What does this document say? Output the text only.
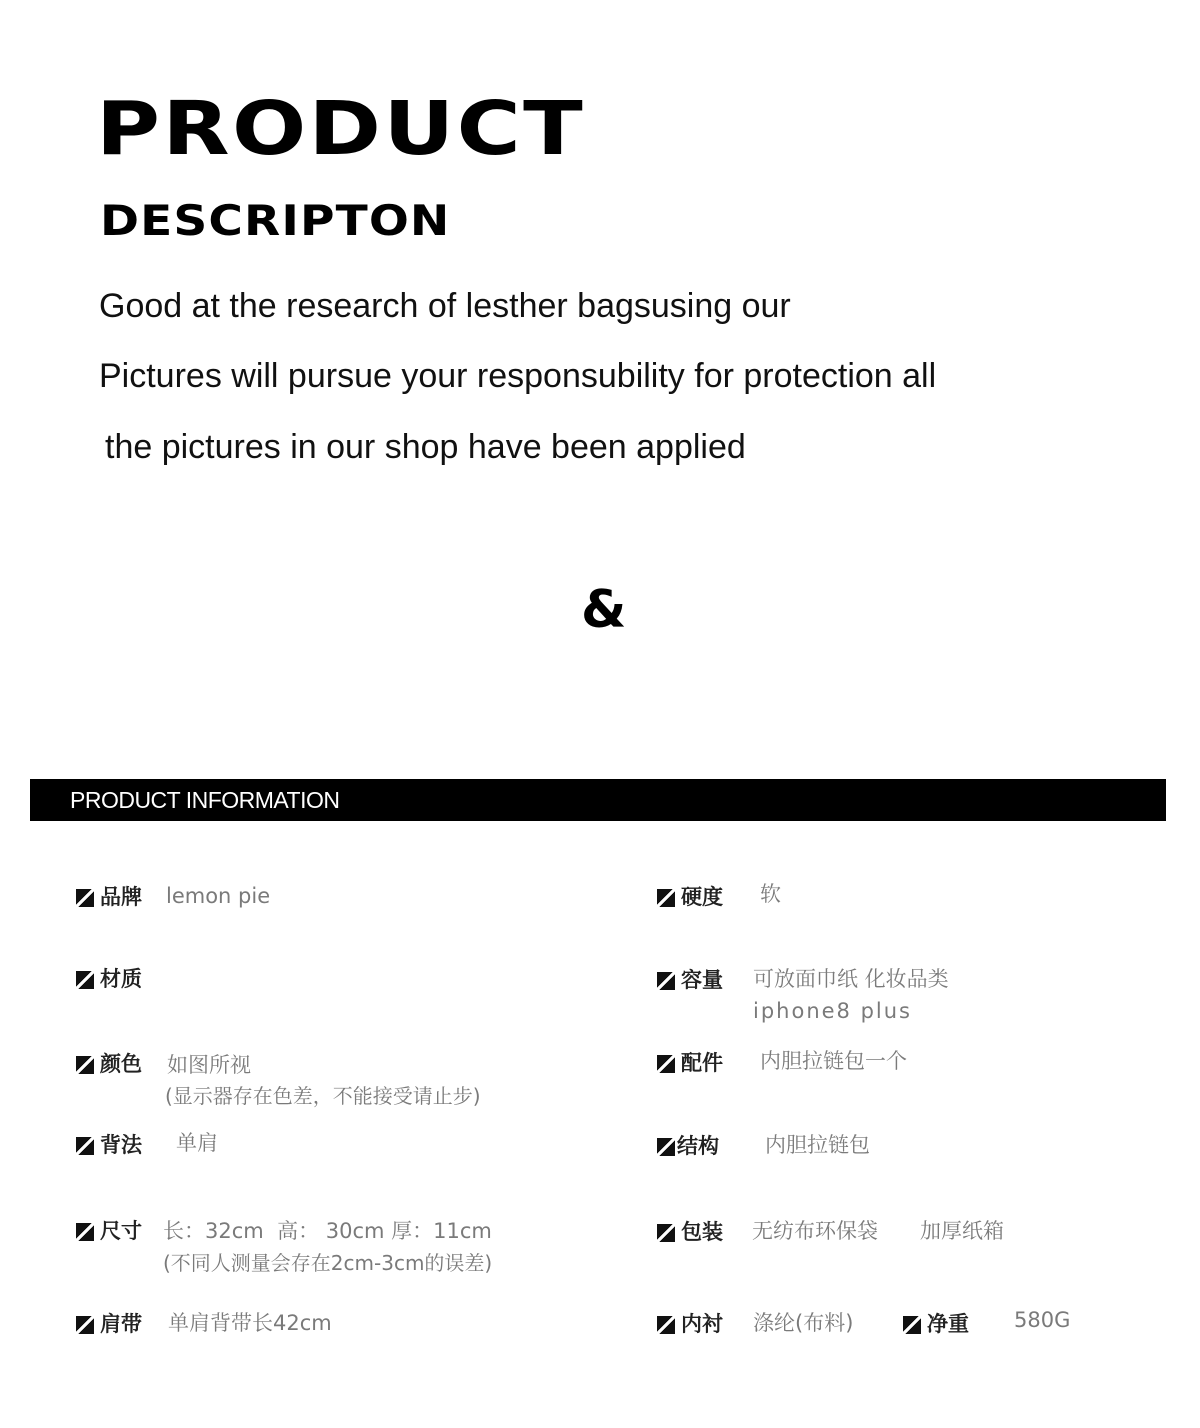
PRODUCT
DESCRIPTON
Good at the research of lesther bagsusing our
Pictures will pursue your responsubility for protection all
the pictures in our shop have been applied
&
PRODUCT INFORMATION
品牌 lemon pie
材质
颜色 如图所视
(显示器存在色差，不能接受请止步)
背法 单肩
尺寸 长：32cm  高： 30cm 厚：11cm
(不同人测量会存在2cm-3cm的误差)
肩带 单肩背带长42cm
硬度 软
容量 可放面巾纸 化妆品类
iphone8 plus
配件 内胆拉链包一个
结构 内胆拉链包
包装 无纺布环保袋 加厚纸箱
内衬 涤纶(布料)	净重 580G
